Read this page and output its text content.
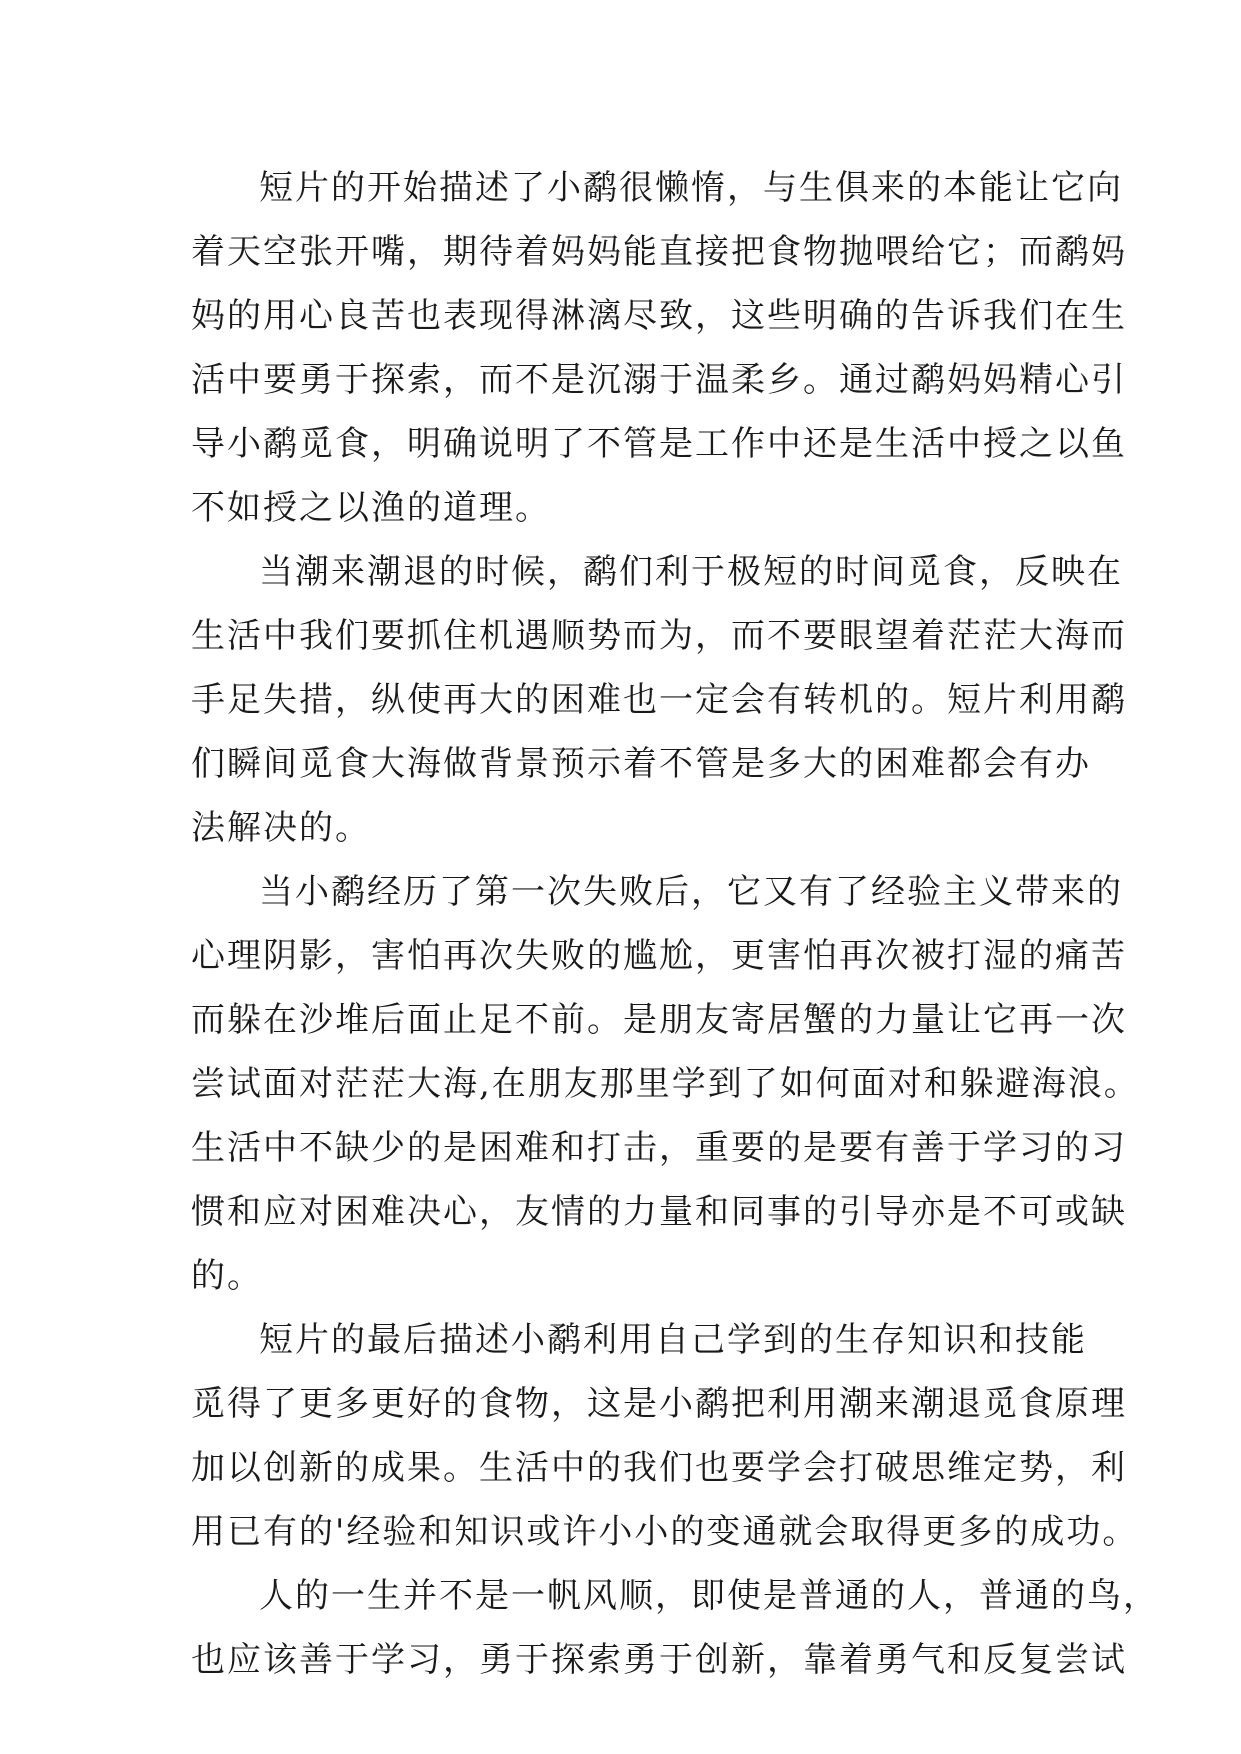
短片的开始描述了小鹬很懒惰，与生俱来的本能让它向
着天空张开嘴，期待着妈妈能直接把食物抛喂给它；而鹬妈
妈的用心良苦也表现得淋漓尽致，这些明确的告诉我们在生
活中要勇于探索，而不是沉溺于温柔乡。通过鹬妈妈精心引
导小鹬觅食，明确说明了不管是工作中还是生活中授之以鱼
不如授之以渔的道理。

当潮来潮退的时候，鹬们利于极短的时间觅食，反映在
生活中我们要抓住机遇顺势而为，而不要眼望着茫茫大海而
手足失措，纵使再大的困难也一定会有转机的。短片利用鹬
们瞬间觅食大海做背景预示着不管是多大的困难都会有办
法解决的。

当小鹬经历了第一次失败后，它又有了经验主义带来的
心理阴影，害怕再次失败的尴尬，更害怕再次被打湿的痛苦
而躲在沙堆后面止足不前。是朋友寄居蟹的力量让它再一次
尝试面对茫茫大海,在朋友那里学到了如何面对和躲避海浪。
生活中不缺少的是困难和打击，重要的是要有善于学习的习
惯和应对困难决心，友情的力量和同事的引导亦是不可或缺
的。

短片的最后描述小鹬利用自己学到的生存知识和技能
觅得了更多更好的食物，这是小鹬把利用潮来潮退觅食原理
加以创新的成果。生活中的我们也要学会打破思维定势，利
用已有的'经验和知识或许小小的变通就会取得更多的成功。

人的一生并不是一帆风顺，即使是普通的人，普通的鸟，
也应该善于学习，勇于探索勇于创新，靠着勇气和反复尝试
